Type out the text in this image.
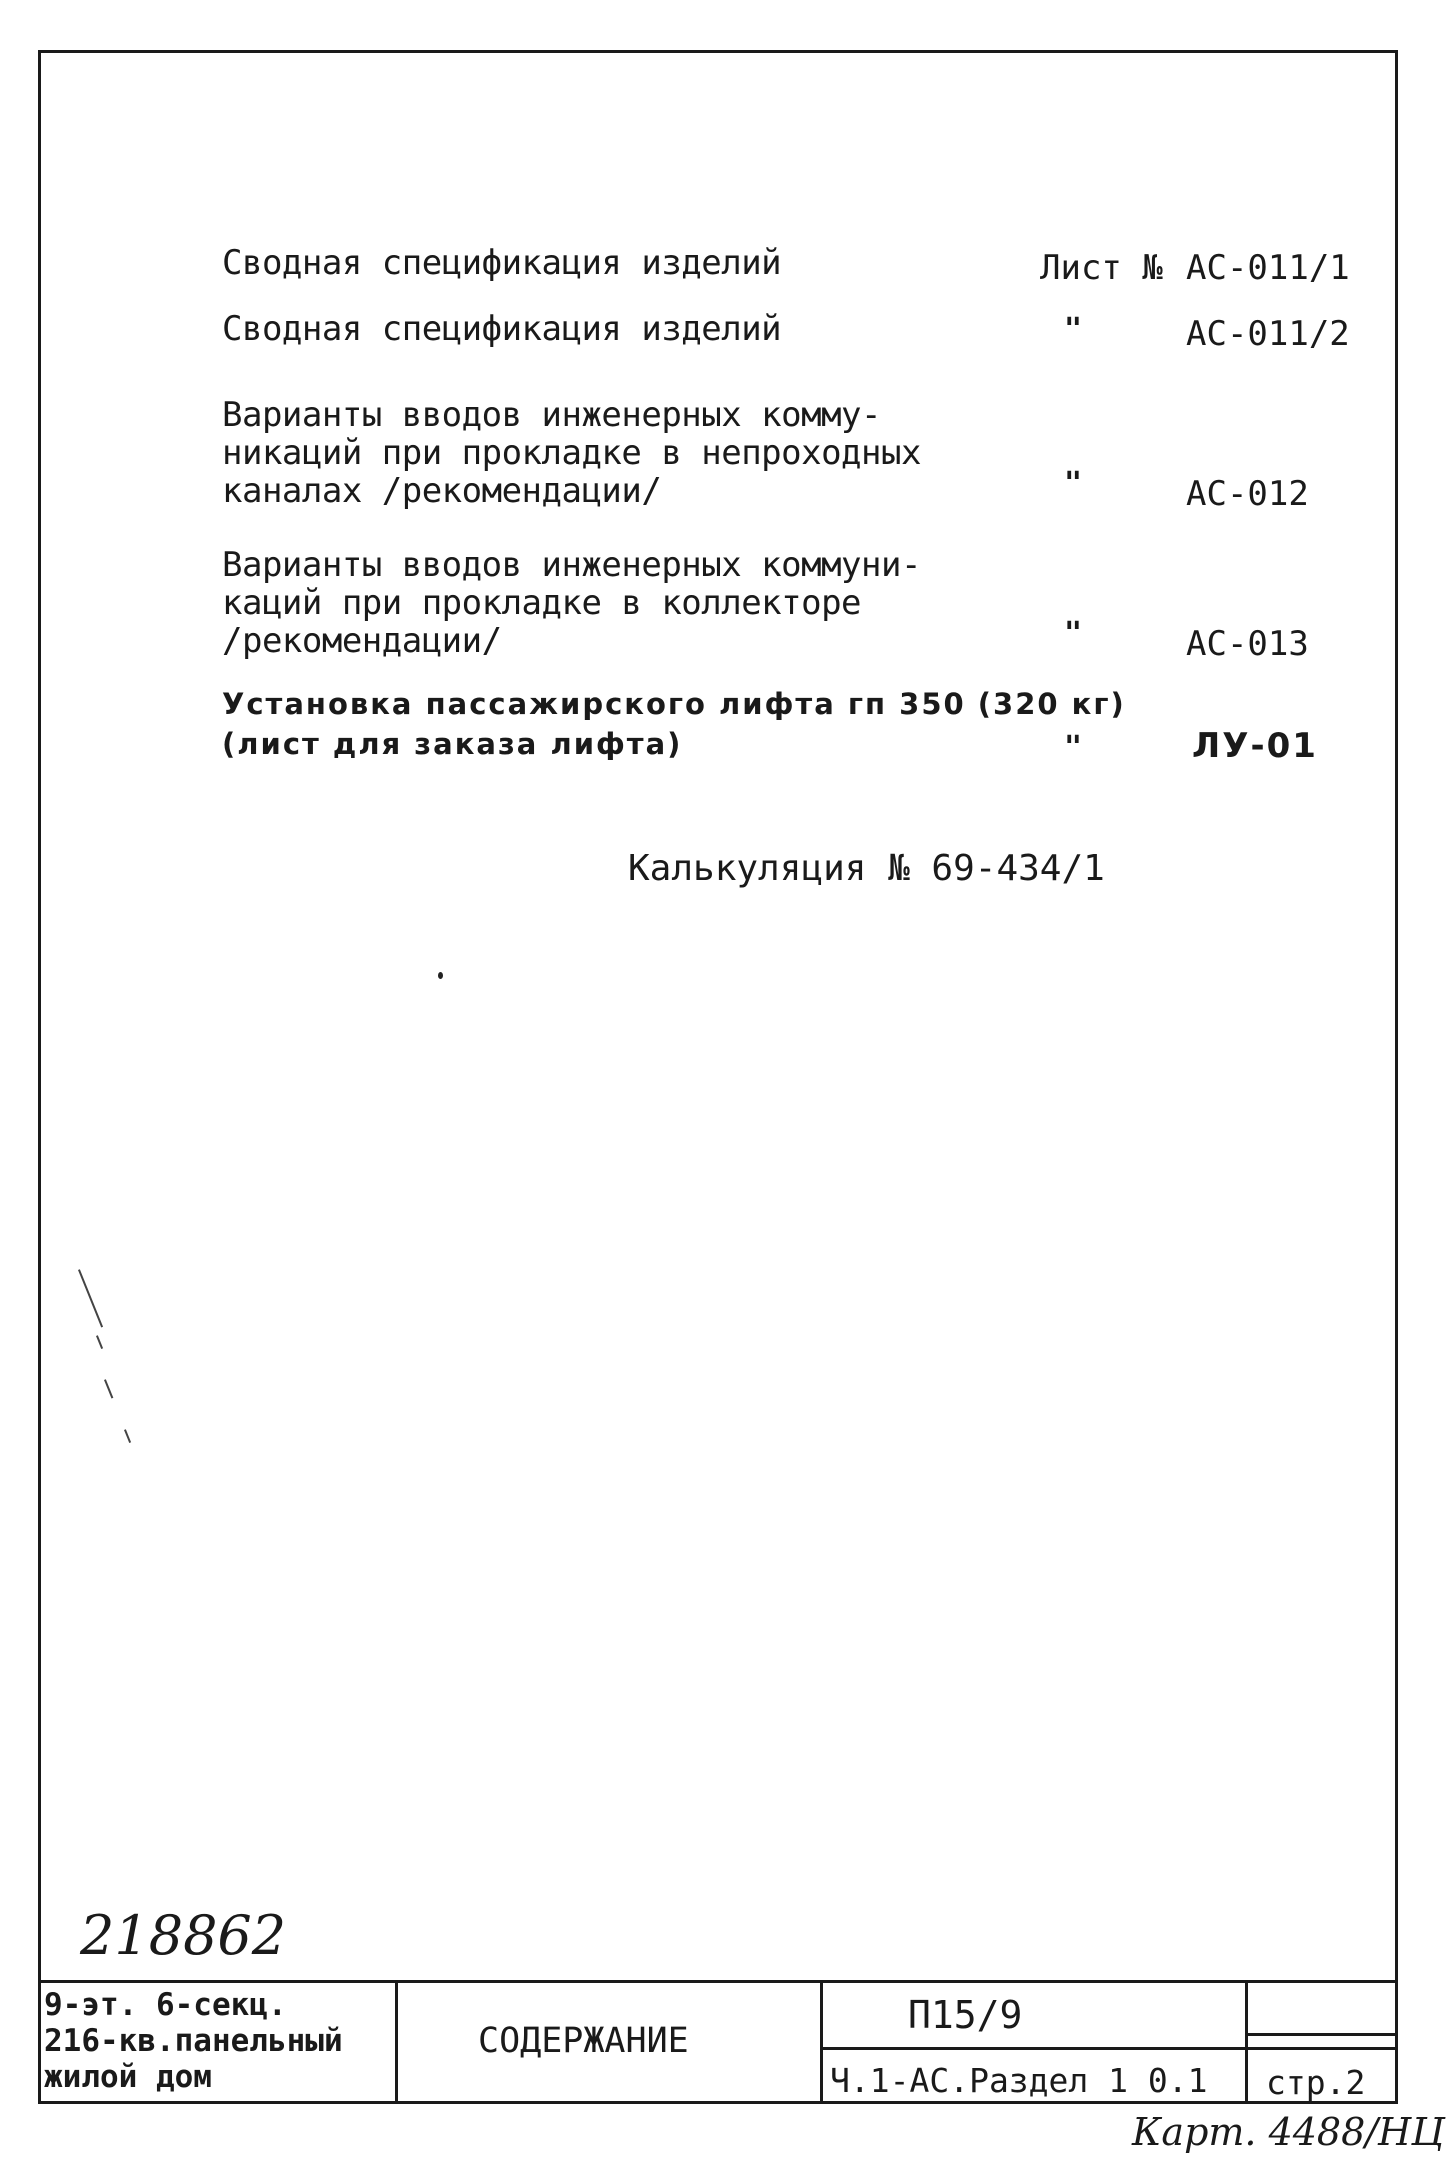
Сводная спецификация изделий	Лист № АС-011/1
Сводная спецификация изделий	"	АС-011/2
Варианты вводов инженерных комму-
никаций при прокладке в непроходных
каналах /рекомендации/	"	АС-012
Варианты вводов инженерных коммуни-
каций при прокладке в коллекторе
/рекомендации/	"	АС-013
Установка пассажирского лифта гп 350 (320 кг)
(лист для заказа лифта)	"	ЛУ-01
Калькуляция № 69-434/1
218862
9-эт. 6-секц.
216-кв.панельный
жилой дом
СОДЕРЖАНИЕ
П15/9
Ч.1-АС.Раздел 1 0.1 стр.2
Карт. 4488/НЦ
